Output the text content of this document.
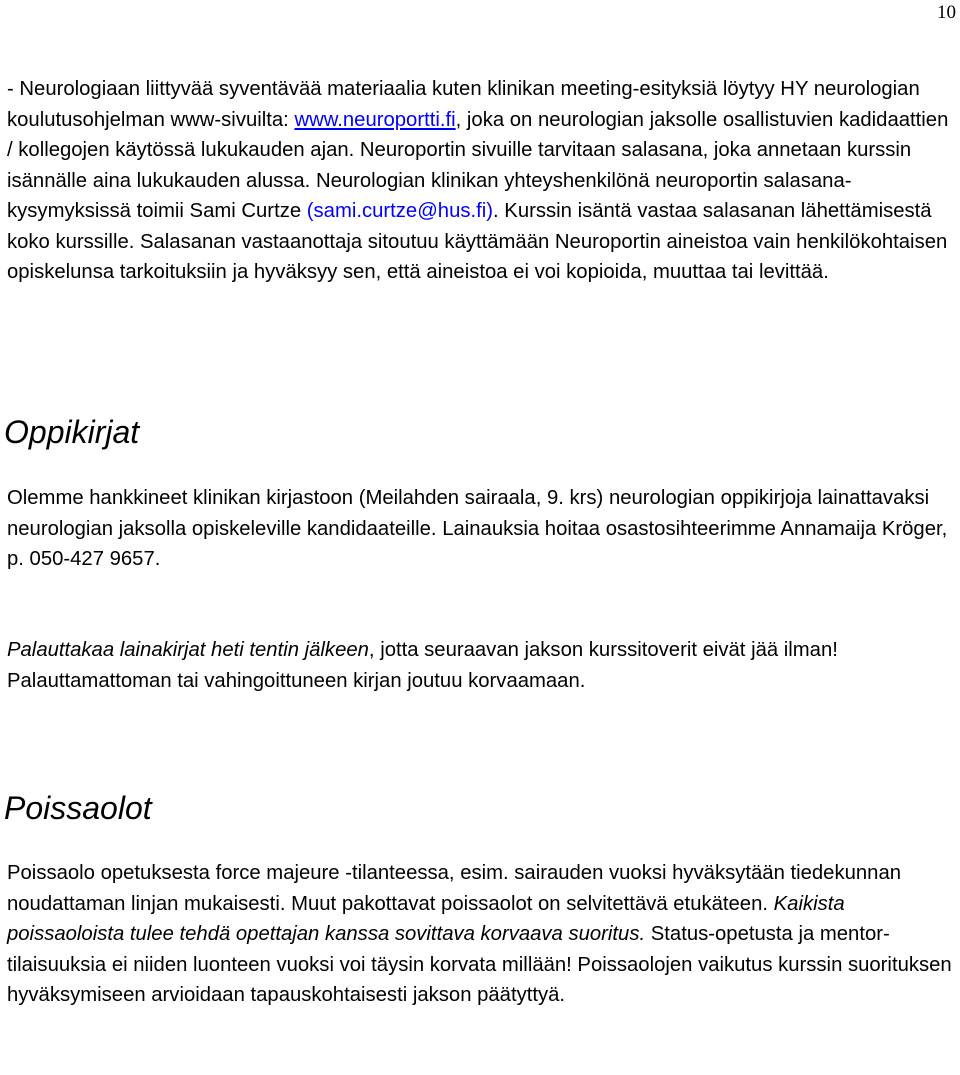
10

- Neurologiaan liittyvää syventävää materiaalia kuten klinikan meeting-esityksiä löytyy HY neurologian koulutusohjelman www-sivuilta: www.neuroportti.fi, joka on neurologian jaksolle osallistuvien kadidaattien / kollegojen käytössä lukukauden ajan. Neuroportin sivuille tarvitaan salasana, joka annetaan kurssin isännälle aina lukukauden alussa. Neurologian klinikan yhteyshenkilönä neuroportin salasana-kysymyksissä toimii Sami Curtze (sami.curtze@hus.fi). Kurssin isäntä vastaa salasanan lähettämisestä koko kurssille. Salasanan vastaanottaja sitoutuu käyttämään Neuroportin aineistoa vain henkilökohtaisen opiskelunsa tarkoituksiin ja hyväksyy sen, että aineistoa ei voi kopioida, muuttaa tai levittää.

Oppikirjat

Olemme hankkineet klinikan kirjastoon (Meilahden sairaala, 9. krs) neurologian oppikirjoja lainattavaksi neurologian jaksolla opiskeleville kandidaateille. Lainauksia hoitaa osastosihteerimme Annamaija Kröger, p. 050-427 9657.

Palauttakaa lainakirjat heti tentin jälkeen, jotta seuraavan jakson kurssitoverit eivät jää ilman! Palauttamattoman tai vahingoittuneen kirjan joutuu korvaamaan.

Poissaolot

Poissaolo opetuksesta force majeure -tilanteessa, esim. sairauden vuoksi hyväksytään tiedekunnan noudattaman linjan mukaisesti. Muut pakottavat poissaolot on selvitettävä etukäteen. Kaikista poissaoloista tulee tehdä opettajan kanssa sovittava korvaava suoritus. Status-opetusta ja mentor-tilaisuuksia ei niiden luonteen vuoksi voi täysin korvata millään! Poissaolojen vaikutus kurssin suorituksen hyväksymiseen arvioidaan tapauskohtaisesti jakson päätyttyä.
